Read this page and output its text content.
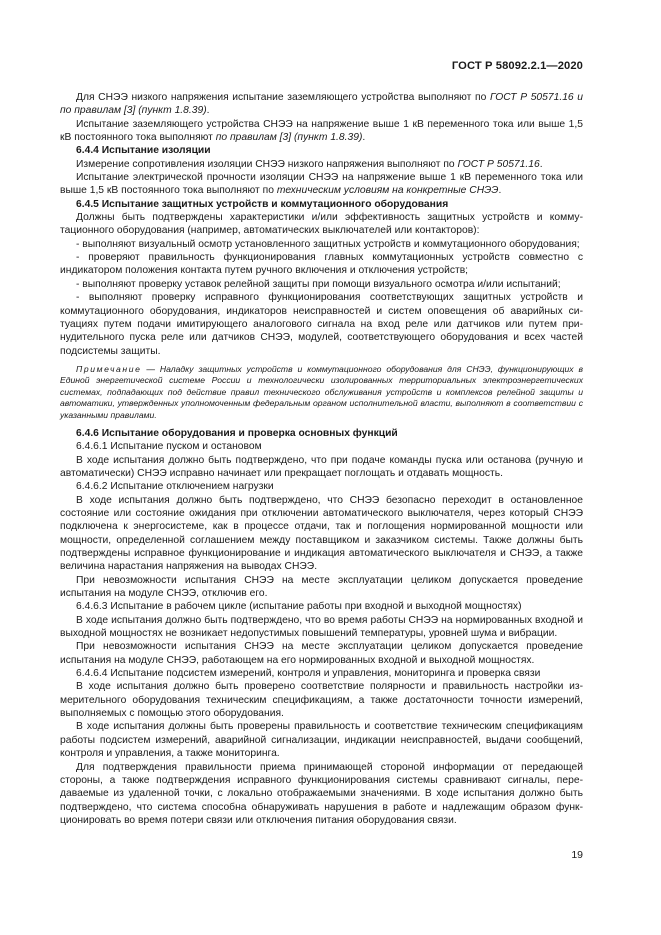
ГОСТ Р 58092.2.1—2020

Для СНЭЭ низкого напряжения испытание заземляющего устройства выполняют по ГОСТ Р 50571.16 и по правилам [3] (пункт 1.8.39).

Испытание заземляющего устройства СНЭЭ на напряжение выше 1 кВ переменного тока или выше 1,5 кВ постоянного тока выполняют по правилам [3] (пункт 1.8.39).

6.4.4 Испытание изоляции

Измерение сопротивления изоляции СНЭЭ низкого напряжения выполняют по ГОСТ Р 50571.16.

Испытание электрической прочности изоляции СНЭЭ на напряжение выше 1 кВ переменного тока или выше 1,5 кВ постоянного тока выполняют по техническим условиям на конкретные СНЭЭ.

6.4.5 Испытание защитных устройств и коммутационного оборудования

Должны быть подтверждены характеристики и/или эффективность защитных устройств и коммутационного оборудования (например, автоматических выключателей или контакторов):

- выполняют визуальный осмотр установленного защитных устройств и коммутационного оборудования;

- проверяют правильность функционирования главных коммутационных устройств совместно с индикатором положения контакта путем ручного включения и отключения устройств;

- выполняют проверку уставок релейной защиты при помощи визуального осмотра и/или испытаний;

- выполняют проверку исправного функционирования соответствующих защитных устройств и коммутационного оборудования, индикаторов неисправностей и систем оповещения об аварийных ситуациях путем подачи имитирующего аналогового сигнала на вход реле или датчиков или путем принудительного пуска реле или датчиков СНЭЭ, модулей, соответствующего оборудования и всех частей подсистемы защиты.

Примечание — Наладку защитных устройств и коммутационного оборудования для СНЭЭ, функционирующих в Единой энергетической системе России и технологически изолированных территориальных электроэнергетических системах, подпадающих под действие правил технического обслуживания устройств и комплексов релейной защиты и автоматики, утвержденных уполномоченным федеральным органом исполнительной власти, выполняют в соответствии с указанными правилами.

6.4.6 Испытание оборудования и проверка основных функций

6.4.6.1 Испытание пуском и остановом

В ходе испытания должно быть подтверждено, что при подаче команды пуска или останова (ручную и автоматически) СНЭЭ исправно начинает или прекращает поглощать и отдавать мощность.

6.4.6.2 Испытание отключением нагрузки

В ходе испытания должно быть подтверждено, что СНЭЭ безопасно переходит в остановленное состояние или состояние ожидания при отключении автоматического выключателя, через который СНЭЭ подключена к энергосистеме, как в процессе отдачи, так и поглощения нормированной мощности или мощности, определенной соглашением между поставщиком и заказчиком системы. Также должны быть подтверждены исправное функционирование и индикация автоматического выключателя и СНЭЭ, а также величина нарастания напряжения на выводах СНЭЭ.

При невозможности испытания СНЭЭ на месте эксплуатации целиком допускается проведение испытания на модуле СНЭЭ, отключив его.

6.4.6.3 Испытание в рабочем цикле (испытание работы при входной и выходной мощностях)

В ходе испытания должно быть подтверждено, что во время работы СНЭЭ на нормированных входной и выходной мощностях не возникает недопустимых повышений температуры, уровней шума и вибрации.

При невозможности испытания СНЭЭ на месте эксплуатации целиком допускается проведение испытания на модуле СНЭЭ, работающем на его нормированных входной и выходной мощностях.

6.4.6.4 Испытание подсистем измерений, контроля и управления, мониторинга и проверка связи

В ходе испытания должно быть проверено соответствие полярности и правильность настройки измерительного оборудования техническим спецификациям, а также достаточности точности измерений, выполняемых с помощью этого оборудования.

В ходе испытания должны быть проверены правильность и соответствие техническим спецификациям работы подсистем измерений, аварийной сигнализации, индикации неисправностей, выдачи сообщений, контроля и управления, а также мониторинга.

Для подтверждения правильности приема принимающей стороной информации от передающей стороны, а также подтверждения исправного функционирования системы сравнивают сигналы, передаваемые из удаленной точки, с локально отображаемыми значениями. В ходе испытания должно быть подтверждено, что система способна обнаруживать нарушения в работе и надлежащим образом функционировать во время потери связи или отключения питания оборудования связи.

19
